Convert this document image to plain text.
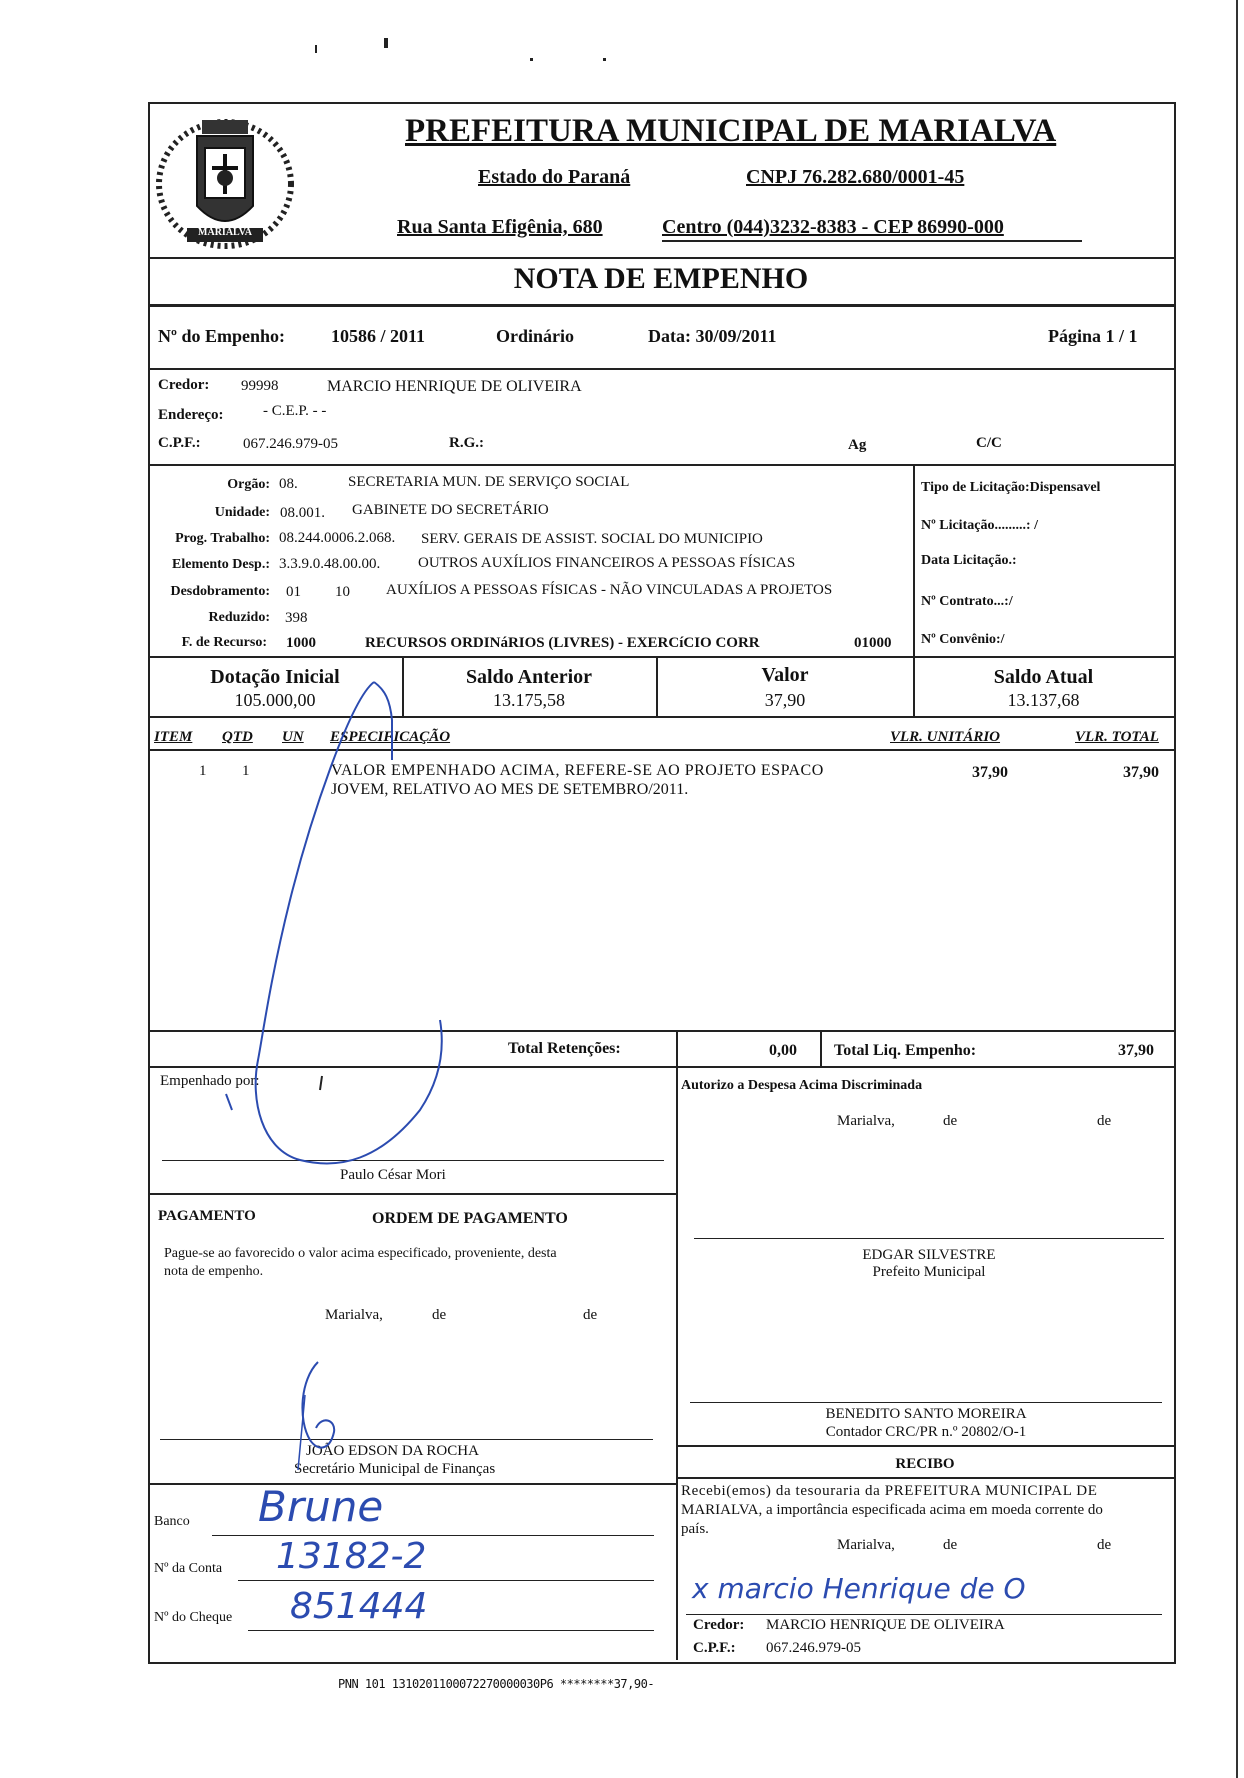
MARIALVA
PREFEITURA MUNICIPAL DE MARIALVA
Estado do Paraná	CNPJ 76.282.680/0001-45
Rua Santa Efigênia, 680	Centro (044)3232-8383 - CEP 86990-000
NOTA DE EMPENHO
Nº do Empenho:	10586 / 2011	Ordinário	Data: 30/09/2011	Página 1 / 1
Credor: 99998	MARCIO HENRIQUE DE OLIVEIRA
Endereço:	- C.E.P. - -
C.P.F.:	067.246.979-05	R.G.:	Ag	C/C
Orgão: 08.	SECRETARIA MUN. DE SERVIÇO SOCIAL
Unidade: 08.001. GABINETE DO SECRETÁRIO
Prog. Trabalho: 08.244.0006.2.068. SERV. GERAIS DE ASSIST. SOCIAL DO MUNICIPIO
Elemento Desp.: 3.3.9.0.48.00.00.	OUTROS AUXÍLIOS FINANCEIROS A PESSOAS FÍSICAS
Desdobramento: 01 10 AUXÍLIOS A PESSOAS FÍSICAS - NÃO VINCULADAS A PROJETOS
Reduzido: 398
F. de Recurso: 1000	RECURSOS ORDINáRIOS (LIVRES) - EXERCíCIO CORR	01000
Tipo de Licitação:Dispensavel
Nº Licitação.........: /
Data Licitação.:
Nº Contrato...:/
Nº Convênio:/
Dotação Inicial
105.000,00
Saldo Anterior
13.175,58
Valor
37,90
Saldo Atual
13.137,68
ITEM QTD UN ESPECIFICAÇÃO	VLR. UNITÁRIO	VLR. TOTAL
1 1	VALOR EMPENHADO ACIMA, REFERE-SE AO PROJETO ESPACO
JOVEM, RELATIVO AO MES DE SETEMBRO/2011.
37,90	37,90
Total Retenções:	0,00 Total Liq. Empenho:	37,90
Empenhado por:
Paulo César Mori
Autorizo a Despesa Acima Discriminada
Marialva,	de	de
EDGAR SILVESTRE
Prefeito Municipal
PAGAMENTO	ORDEM DE PAGAMENTO
Pague-se ao favorecido o valor acima especificado, proveniente, desta
nota de empenho.
Marialva,	de	de
JOÃO EDSON DA ROCHA
Secretário Municipal de Finanças
BENEDITO SANTO MOREIRA
Contador CRC/PR n.º 20802/O-1
RECIBO
Recebi(emos) da tesouraria da PREFEITURA MUNICIPAL DE
MARIALVA, a importância especificada acima em moeda corrente do
país.
Marialva,	de	de
Credor: MARCIO HENRIQUE DE OLIVEIRA
C.P.F.: 067.246.979-05
Banco Brune
Nº da Conta 13182-2
Nº do Cheque 851444	x marcio Henrique de O
PNN 101 1310201100072270000030P6 ********37,90-
